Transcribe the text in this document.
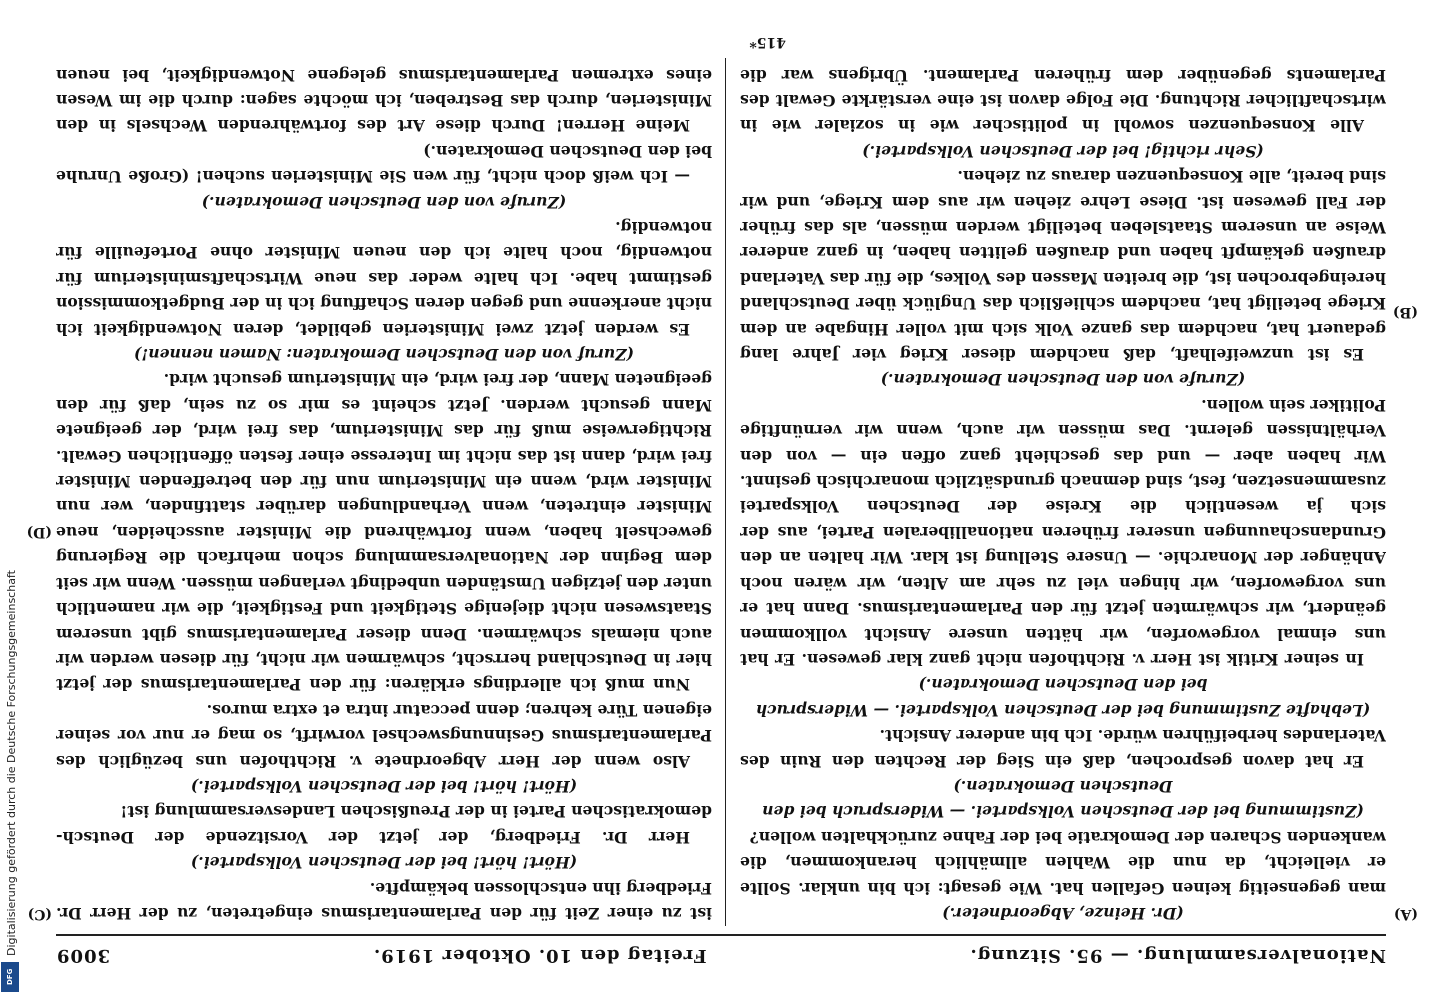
Digitalisierung gefördert durch die Deutsche Forschungsgemeinschaft
DFG
Nationalversammlung. — 95. Sitzung.
Freitag den 10. Oktober 1919.
3009
(A)
(B)
(C)
(D)

(Dr. Heinze, Abgeordneter.)

man gegenseitig keinen Gefallen hat. Wie gesagt: ich bin unklar. Sollte er vielleicht, da nun die Wahlen allmählich herankommen, die wankenden Scharen der Demokratie bei der Fahne zurückhalten wollen?

(Zustimmung bei der Deutschen Volkspartei. — Widerspruch bei den Deutschen Demokraten.)

Er hat davon gesprochen, daß ein Sieg der Rechten den Ruin des Vaterlandes herbeiführen würde. Ich bin anderer Ansicht.

(Lebhafte Zustimmung bei der Deutschen Volkspartei. — Widerspruch bei den Deutschen Demokraten.)

In seiner Kritik ist Herr v. Richthofen nicht ganz klar gewesen. Er hat uns einmal vorgeworfen, wir hätten unsere Ansicht vollkommen geändert, wir schwärmten jetzt für den Parlamentarismus. Dann hat er uns vorgeworfen, wir hingen viel zu sehr am Alten, wir wären noch Anhänger der Monarchie. — Unsere Stellung ist klar. Wir halten an den Grundanschauungen unserer früheren nationalliberalen Partei, aus der sich ja wesentlich die Kreise der Deutschen Volkspartei zusammensetzen, fest, sind demnach grundsätzlich monarchisch gesinnt. Wir haben aber — und das geschieht ganz offen ein — von den Verhältnissen gelernt. Das müssen wir auch, wenn wir vernünftige Politiker sein wollen.

(Zurufe von den Deutschen Demokraten.)

Es ist unzweifelhaft, daß nachdem dieser Krieg vier Jahre lang gedauert hat, nachdem das ganze Volk sich mit voller Hingabe an dem Kriege beteiligt hat, nachdem schließlich das Unglück über Deutschland hereingebrochen ist, die breiten Massen des Volkes, die für das Vaterland draußen gekämpft haben und draußen gelitten haben, in ganz anderer Weise an unserem Staatsleben beteiligt werden müssen, als das früher der Fall gewesen ist. Diese Lehre ziehen wir aus dem Kriege, und wir sind bereit, alle Konsequenzen daraus zu ziehen.

(Sehr richtig! bei der Deutschen Volkspartei.)

Alle Konsequenzen sowohl in politischer wie in sozialer wie in wirtschaftlicher Richtung. Die Folge davon ist eine verstärkte Gewalt des Parlaments gegenüber dem früheren Parlament. Übrigens war die

ist zu einer Zeit für den Parlamentarismus eingetreten, zu der Herr Dr. Friedberg ihn entschlossen bekämpfte.

(Hört! hört! bei der Deutschen Volkspartei.)

Herr Dr. Friedberg, der jetzt der Vorsitzende der Deutsch-demokratischen Partei in der Preußischen Landesversammlung ist!

(Hört! hört! bei der Deutschen Volkspartei.)

Also wenn der Herr Abgeordnete v. Richthofen uns bezüglich des Parlamentarismus Gesinnungswechsel vorwirft, so mag er nur vor seiner eigenen Türe kehren; denn peccatur intra et extra muros.

Nun muß ich allerdings erklären: für den Parlamentarismus der jetzt hier in Deutschland herrscht, schwärmen wir nicht, für diesen werden wir auch niemals schwärmen. Denn dieser Parlamentarismus gibt unserem Staatswesen nicht diejenige Stetigkeit und Festigkeit, die wir namentlich unter den jetzigen Umständen unbedingt verlangen müssen. Wenn wir seit dem Beginn der Nationalversammlung schon mehrfach die Regierung gewechselt haben, wenn fortwährend die Minister ausscheiden, neue Minister eintreten, wenn Verhandlungen darüber stattfinden, wer nun Minister wird, wenn ein Ministerium nun für den betreffenden Minister frei wird, dann ist das nicht im Interesse einer festen öffentlichen Gewalt. Richtigerweise muß für das Ministerium, das frei wird, der geeignete Mann gesucht werden. Jetzt scheint es mir so zu sein, daß für den geeigneten Mann, der frei wird, ein Ministerium gesucht wird.

(Zuruf von den Deutschen Demokraten: Namen nennen!)

Es werden jetzt zwei Ministerien gebildet, deren Notwendigkeit ich nicht anerkenne und gegen deren Schaffung ich in der Budgetkommission gestimmt habe. Ich halte weder das neue Wirtschaftsministerium für notwendig, noch halte ich den neuen Minister ohne Portefeuille für notwendig.

(Zurufe von den Deutschen Demokraten.)

— Ich weiß doch nicht, für wen Sie Ministerien suchen! (Große Unruhe bei den Deutschen Demokraten.)

Meine Herren! Durch diese Art des fortwährenden Wechsels in den Ministerien, durch das Bestreben, ich möchte sagen: durch die im Wesen eines extremen Parlamentarismus gelegene Notwendigkeit, bei neuen

415*
